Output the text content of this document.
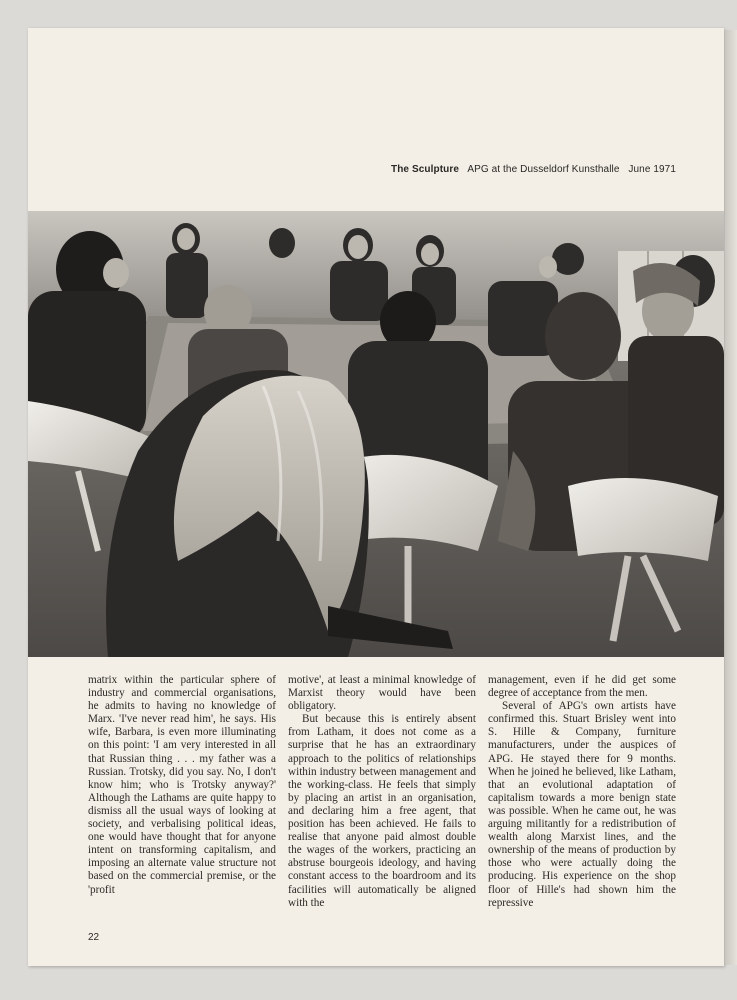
The Sculpture APG at the Dusseldorf Kunsthalle June 1971

matrix within the particular sphere of industry and commercial organisations, he admits to having no knowledge of Marx. 'I've never read him', he says. His wife, Barbara, is even more illuminating on this point: 'I am very interested in all that Russian thing . . . my father was a Russian. Trotsky, did you say. No, I don't know him; who is Trotsky anyway?' Although the Lathams are quite happy to dismiss all the usual ways of looking at society, and verbalising political ideas, one would have thought that for anyone intent on transforming capitalism, and imposing an alternate value structure not based on the commercial premise, or the 'profit

motive', at least a minimal knowledge of Marxist theory would have been obligatory.

But because this is entirely absent from Latham, it does not come as a surprise that he has an extraordinary approach to the politics of relationships within industry between management and the working-class. He feels that simply by placing an artist in an organisation, and declaring him a free agent, that position has been achieved. He fails to realise that anyone paid almost double the wages of the workers, practicing an abstruse bourgeois ideology, and having constant access to the boardroom and its facilities will automatically be aligned with the

management, even if he did get some degree of acceptance from the men.

Several of APG's own artists have confirmed this. Stuart Brisley went into S. Hille & Company, furniture manufacturers, under the auspices of APG. He stayed there for 9 months. When he joined he believed, like Latham, that an evolutional adaptation of capitalism towards a more benign state was possible. When he came out, he was arguing militantly for a redistribution of wealth along Marxist lines, and the ownership of the means of production by those who were actually doing the producing. His experience on the shop floor of Hille's had shown him the repressive

22
